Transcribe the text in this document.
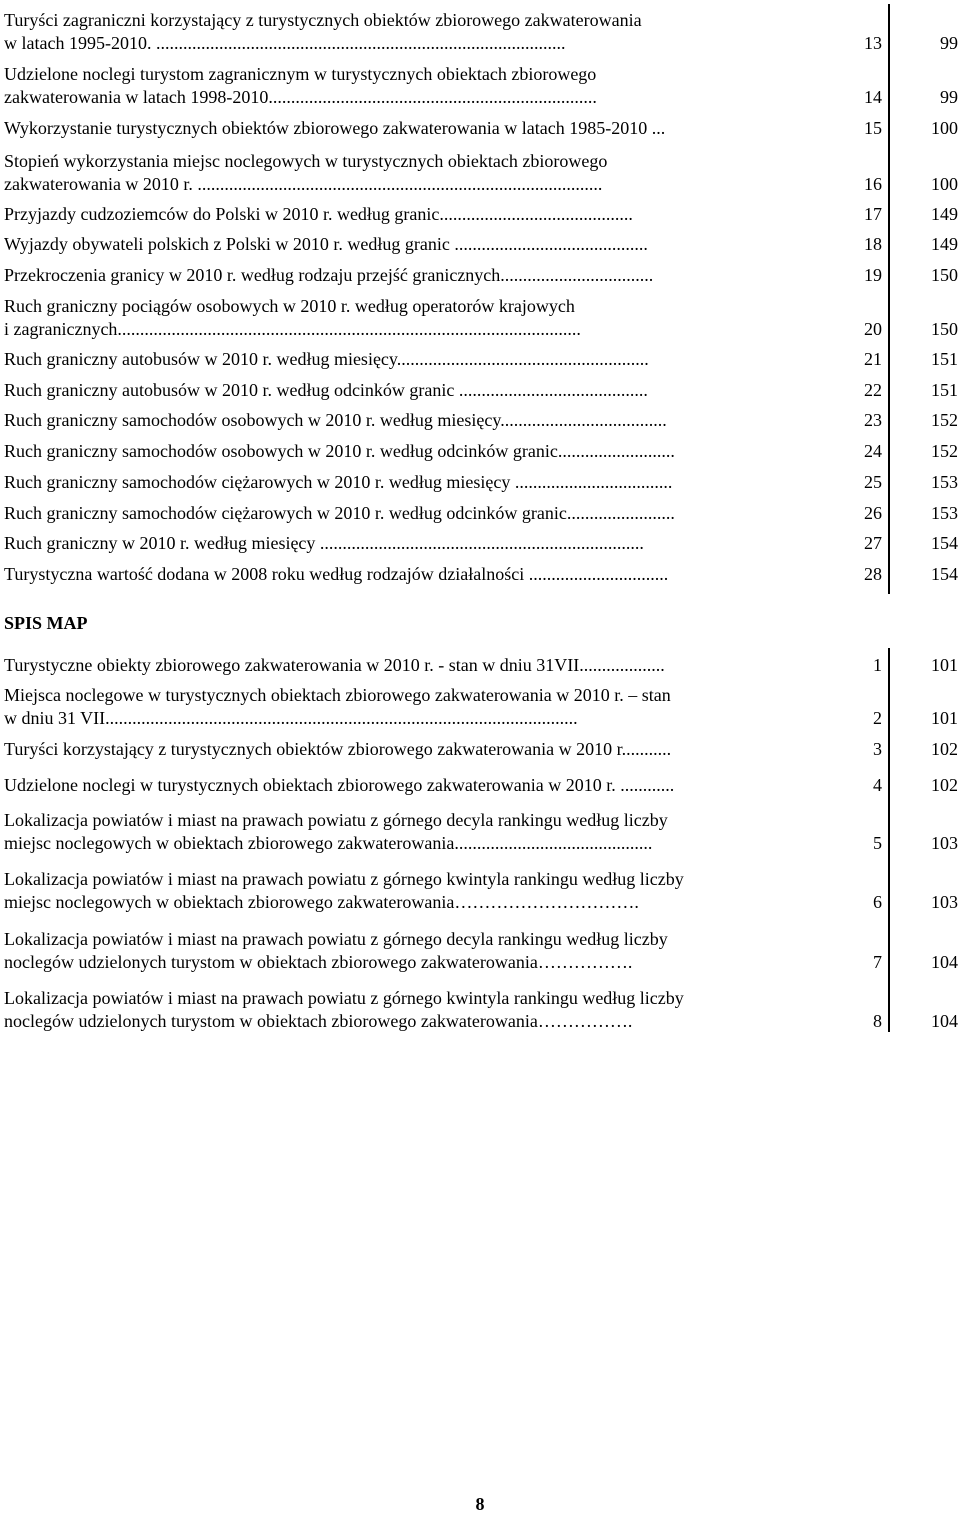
Turyści zagraniczni korzystający z turystycznych obiektów zbiorowego zakwaterowania
w latach 1995-2010. ...........................................................................................	13	99
Udzielone noclegi turystom zagranicznym w turystycznych obiektach zbiorowego
zakwaterowania w latach 1998-2010.........................................................................	14	99
Wykorzystanie turystycznych obiektów zbiorowego zakwaterowania w latach 1985-2010 ...	15	100
Stopień wykorzystania miejsc noclegowych w turystycznych obiektach zbiorowego
zakwaterowania w 2010 r. ..........................................................................................	16	100
Przyjazdy cudzoziemców do Polski w 2010 r. według granic...........................................	17	149
Wyjazdy obywateli polskich z Polski w 2010 r. według granic ...........................................	18	149
Przekroczenia granicy w 2010 r. według rodzaju przejść granicznych..................................	19	150
Ruch graniczny pociągów osobowych w 2010 r. według operatorów krajowych
i zagranicznych.......................................................................................................	20	150
Ruch graniczny autobusów w 2010 r. według miesięcy........................................................	21	151
Ruch graniczny autobusów w 2010 r. według odcinków granic ..........................................	22	151
Ruch graniczny samochodów osobowych w 2010 r. według miesięcy.....................................	23	152
Ruch graniczny samochodów osobowych w 2010 r. według odcinków granic..........................	24	152
Ruch graniczny samochodów ciężarowych w 2010 r. według miesięcy ...................................	25	153
Ruch graniczny samochodów ciężarowych w 2010 r. według odcinków granic........................	26	153
Ruch graniczny w 2010 r. według miesięcy ........................................................................	27	154
Turystyczna wartość dodana w 2008 roku według rodzajów działalności ...............................	28	154
SPIS MAP
Turystyczne obiekty zbiorowego zakwaterowania w 2010 r. - stan w dniu 31VII...................	1	101
Miejsca noclegowe w turystycznych obiektach zbiorowego zakwaterowania w 2010 r. – stan
w dniu 31 VII.........................................................................................................	2	101
Turyści korzystający z turystycznych obiektów zbiorowego zakwaterowania w 2010 r...........	3	102
Udzielone noclegi w turystycznych obiektach zbiorowego zakwaterowania w 2010 r. ............	4	102
Lokalizacja powiatów i miast na prawach powiatu z górnego decyla rankingu według liczby
miejsc noclegowych w obiektach zbiorowego zakwaterowania............................................	5	103
Lokalizacja powiatów i miast na prawach powiatu z górnego kwintyla rankingu według liczby
miejsc noclegowych w obiektach zbiorowego zakwaterowania………………………….	6	103
Lokalizacja powiatów i miast na prawach powiatu z górnego decyla rankingu według liczby
noclegów udzielonych turystom w obiektach zbiorowego zakwaterowania…………….	7	104
Lokalizacja powiatów i miast na prawach powiatu z górnego kwintyla rankingu według liczby
noclegów udzielonych turystom w obiektach zbiorowego zakwaterowania…………….	8	104
8
